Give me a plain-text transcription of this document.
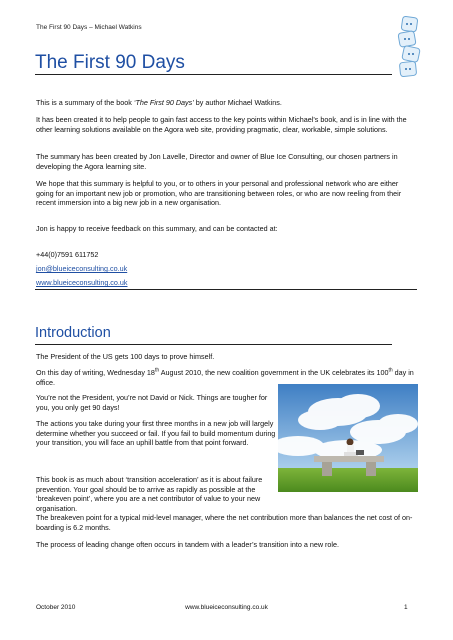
The First 90 Days – Michael Watkins
The First 90 Days

This is a summary of the book ‘The First 90 Days’ by author Michael Watkins.

It has been created it to help people to gain fast access to the key points within Michael’s book, and is in line with the other learning solutions available on the Agora web site, providing pragmatic, clear, workable, simple solutions.

The summary has been created by Jon Lavelle, Director and owner of Blue Ice Consulting, our chosen partners in developing the Agora learning site.

We hope that this summary is helpful to you, or to others in your personal and professional network who are either going for an important new job or promotion, who are transitioning between roles, or who are now reeling from their recent immersion into a big new job in a new organisation.

Jon is happy to receive feedback on this summary, and can be contacted at:

+44(0)7591 611752

jon@blueiceconsulting.co.uk

www.blueiceconsulting.co.uk

Introduction

The President of the US gets 100 days to prove himself.

On this day of writing, Wednesday 18th August 2010, the new coalition government in the UK celebrates its 100th day in office.

You’re not the President, you’re not David or Nick. Things are tougher for you, you only get 90 days!

The actions you take during your first three months in a new job will largely determine whether you succeed or fail. If you fail to build momentum during your transition, you will face an uphill battle from that point forward.

This book is as much about ‘transition acceleration’ as it is about failure prevention. Your goal should be to arrive as rapidly as possible at the ‘breakeven point’, where you are a net contributor of value to your new organisation.

The breakeven point for a typical mid-level manager, where the net contribution more than balances the net cost of on-boarding is 6.2 months.

The process of leading change often occurs in tandem with a leader’s transition into a new role.

October 2010	www.blueiceconsulting.co.uk	1
